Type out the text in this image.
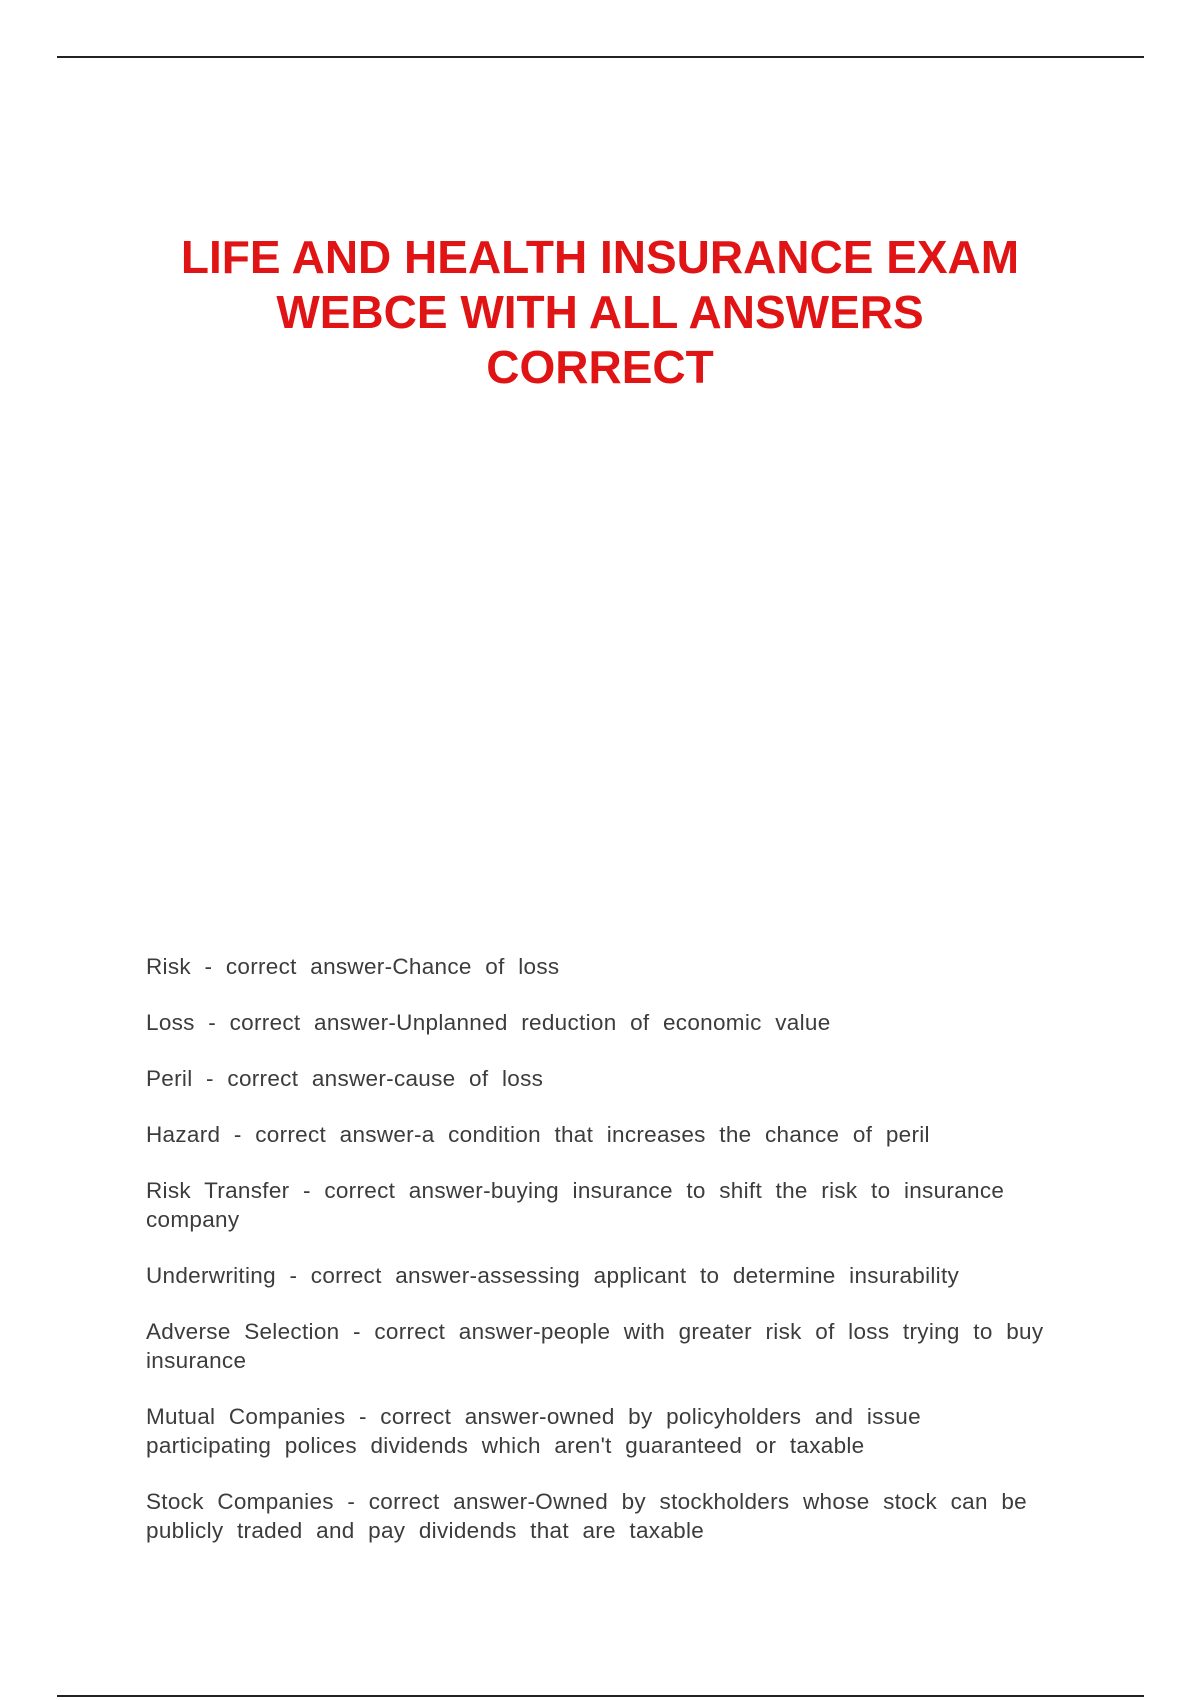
LIFE AND HEALTH INSURANCE EXAM
WEBCE WITH ALL ANSWERS
CORRECT
Risk - correct answer-Chance of loss
Loss - correct answer-Unplanned reduction of economic value
Peril - correct answer-cause of loss
Hazard - correct answer-a condition that increases the chance of peril
Risk Transfer - correct answer-buying insurance to shift the risk to insurance company
Underwriting - correct answer-assessing applicant to determine insurability
Adverse Selection - correct answer-people with greater risk of loss trying to buy insurance
Mutual Companies - correct answer-owned by policyholders and issue participating polices dividends which aren't guaranteed or taxable
Stock Companies - correct answer-Owned by stockholders whose stock can be publicly traded and pay dividends that are taxable
